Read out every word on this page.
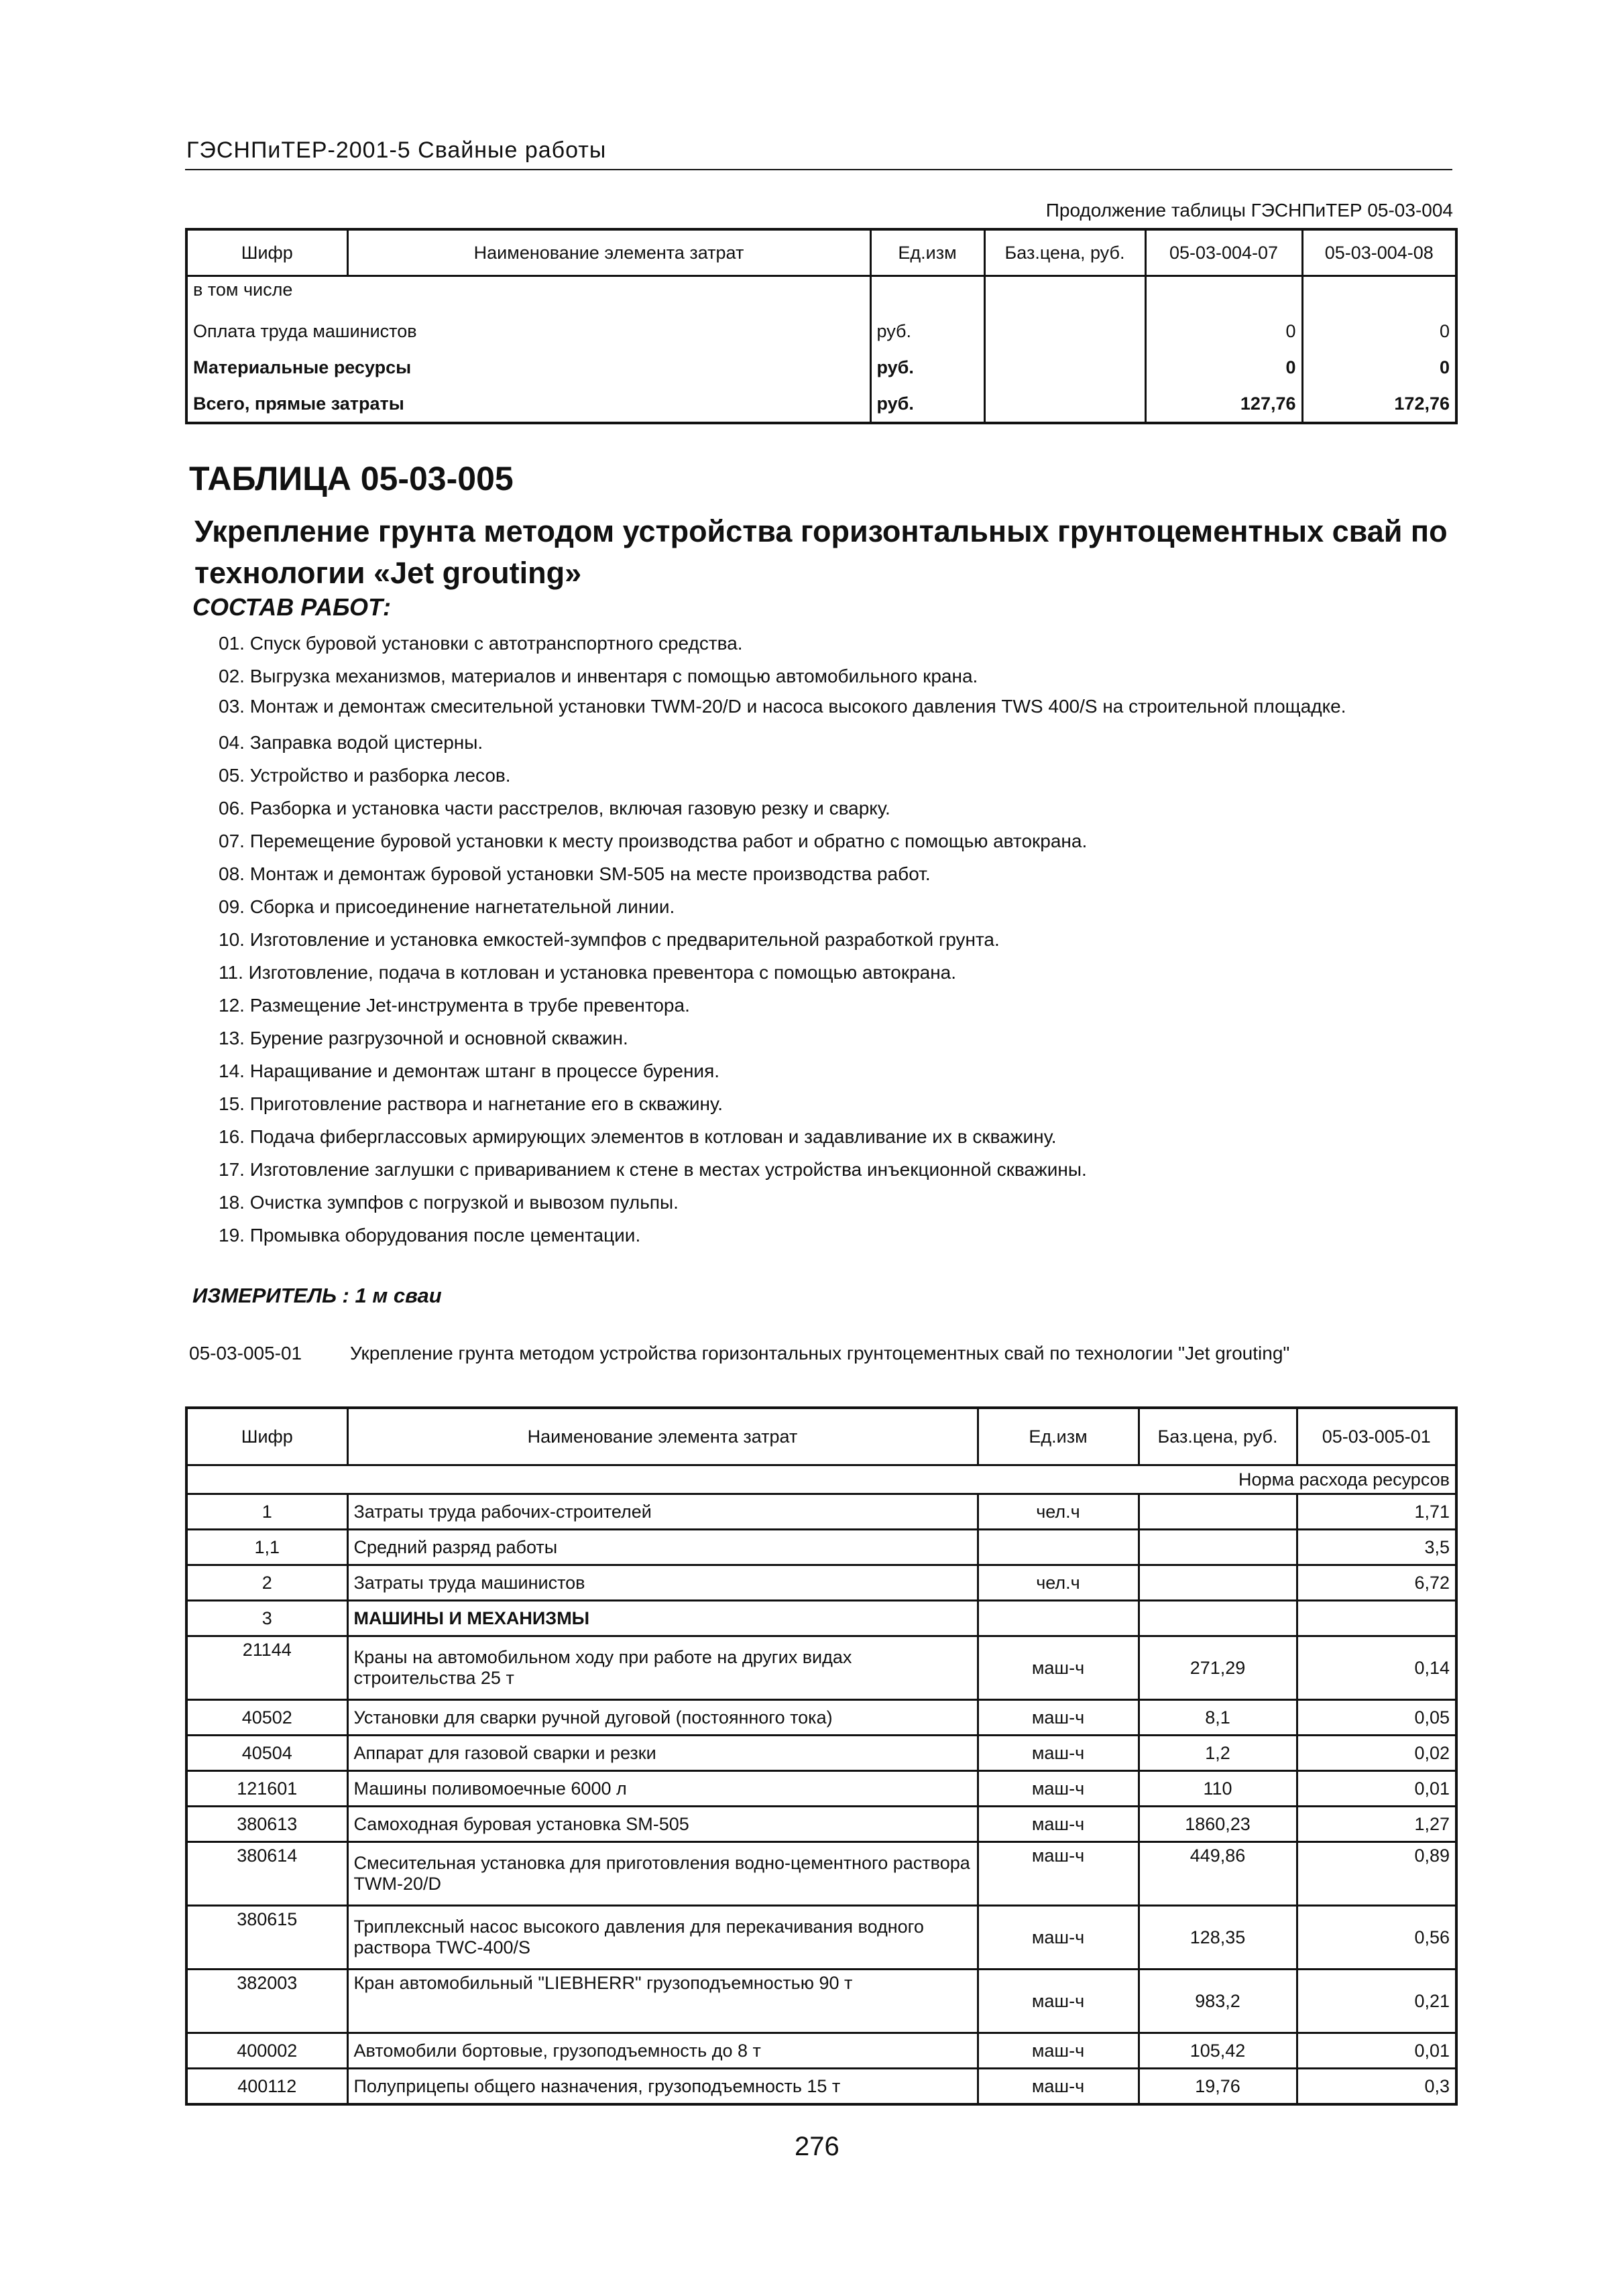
ГЭСНПиТЕР-2001-5 Свайные работы
Продолжение таблицы ГЭСНПиТЕР 05-03-004
Шифр	Наименование элемента затрат	Ед.изм	Баз.цена, руб.	05-03-004-07	05-03-004-08
в том числе					
Оплата труда машинистов		руб.		0	0
Материальные ресурсы		руб.		0	0
Всего, прямые затраты		руб.		127,76	172,76
ТАБЛИЦА 05-03-005
Укрепление грунта методом устройства горизонтальных грунтоцементных свай по технологии «Jet grouting»
СОСТАВ РАБОТ:
01. Спуск буровой установки с автотранспортного средства.
02. Выгрузка механизмов, материалов и инвентаря с помощью автомобильного крана.
03. Монтаж и демонтаж смесительной установки TWM-20/D и насоса высокого давления TWS 400/S на строительной площадке.
04. Заправка водой цистерны.
05. Устройство и разборка лесов.
06. Разборка и установка части расстрелов, включая газовую резку и сварку.
07. Перемещение буровой установки к месту производства работ и обратно с помощью автокрана.
08. Монтаж и демонтаж буровой установки SM-505 на месте производства работ.
09. Сборка и присоединение нагнетательной линии.
10. Изготовление и установка емкостей-зумпфов с предварительной разработкой грунта.
11. Изготовление, подача в котлован и установка превентора с помощью автокрана.
12. Размещение Jet-инструмента в трубе превентора.
13. Бурение разгрузочной и основной скважин.
14. Наращивание и демонтаж штанг в процессе бурения.
15. Приготовление раствора и нагнетание его в скважину.
16. Подача фибергласcовых армирующих элементов в котлован и задавливание их в скважину.
17. Изготовление заглушки с привариванием к стене в местах устройства инъекционной скважины.
18. Очистка зумпфов с погрузкой и вывозом пульпы.
19. Промывка оборудования после цементации.
ИЗМЕРИТЕЛЬ : 1 м сваи
05-03-005-01	Укрепление грунта методом устройства горизонтальных грунтоцементных свай по технологии "Jet grouting"
Шифр	Наименование элемента затрат	Ед.изм	Баз.цена, руб.	05-03-005-01
Норма расхода ресурсов				
1	Затраты труда рабочих-строителей	чел.ч		1,71
1,1	Средний разряд работы			3,5
2	Затраты труда машинистов	чел.ч		6,72
3	МАШИНЫ И МЕХАНИЗМЫ			
21144	Краны на автомобильном ходу при работе на других видах строительства 25 т	маш-ч	271,29	0,14
40502	Установки для сварки ручной дуговой (постоянного тока)	маш-ч	8,1	0,05
40504	Аппарат для газовой сварки и резки	маш-ч	1,2	0,02
121601	Машины поливомоечные 6000 л	маш-ч	110	0,01
380613	Самоходная буровая установка SM-505	маш-ч	1860,23	1,27
380614	Смесительная установка для приготовления водно-цементного раствора TWM-20/D	маш-ч	449,86	0,89
380615	Триплексный насос высокого давления для перекачивания водного раствора TWC-400/S	маш-ч	128,35	0,56
382003	Кран автомобильный "LIEBHERR" грузоподъемностью 90 т	маш-ч	983,2	0,21
400002	Автомобили бортовые, грузоподъемность до 8 т	маш-ч	105,42	0,01
400112	Полуприцепы общего назначения, грузоподъемность 15 т	маш-ч	19,76	0,3
276
